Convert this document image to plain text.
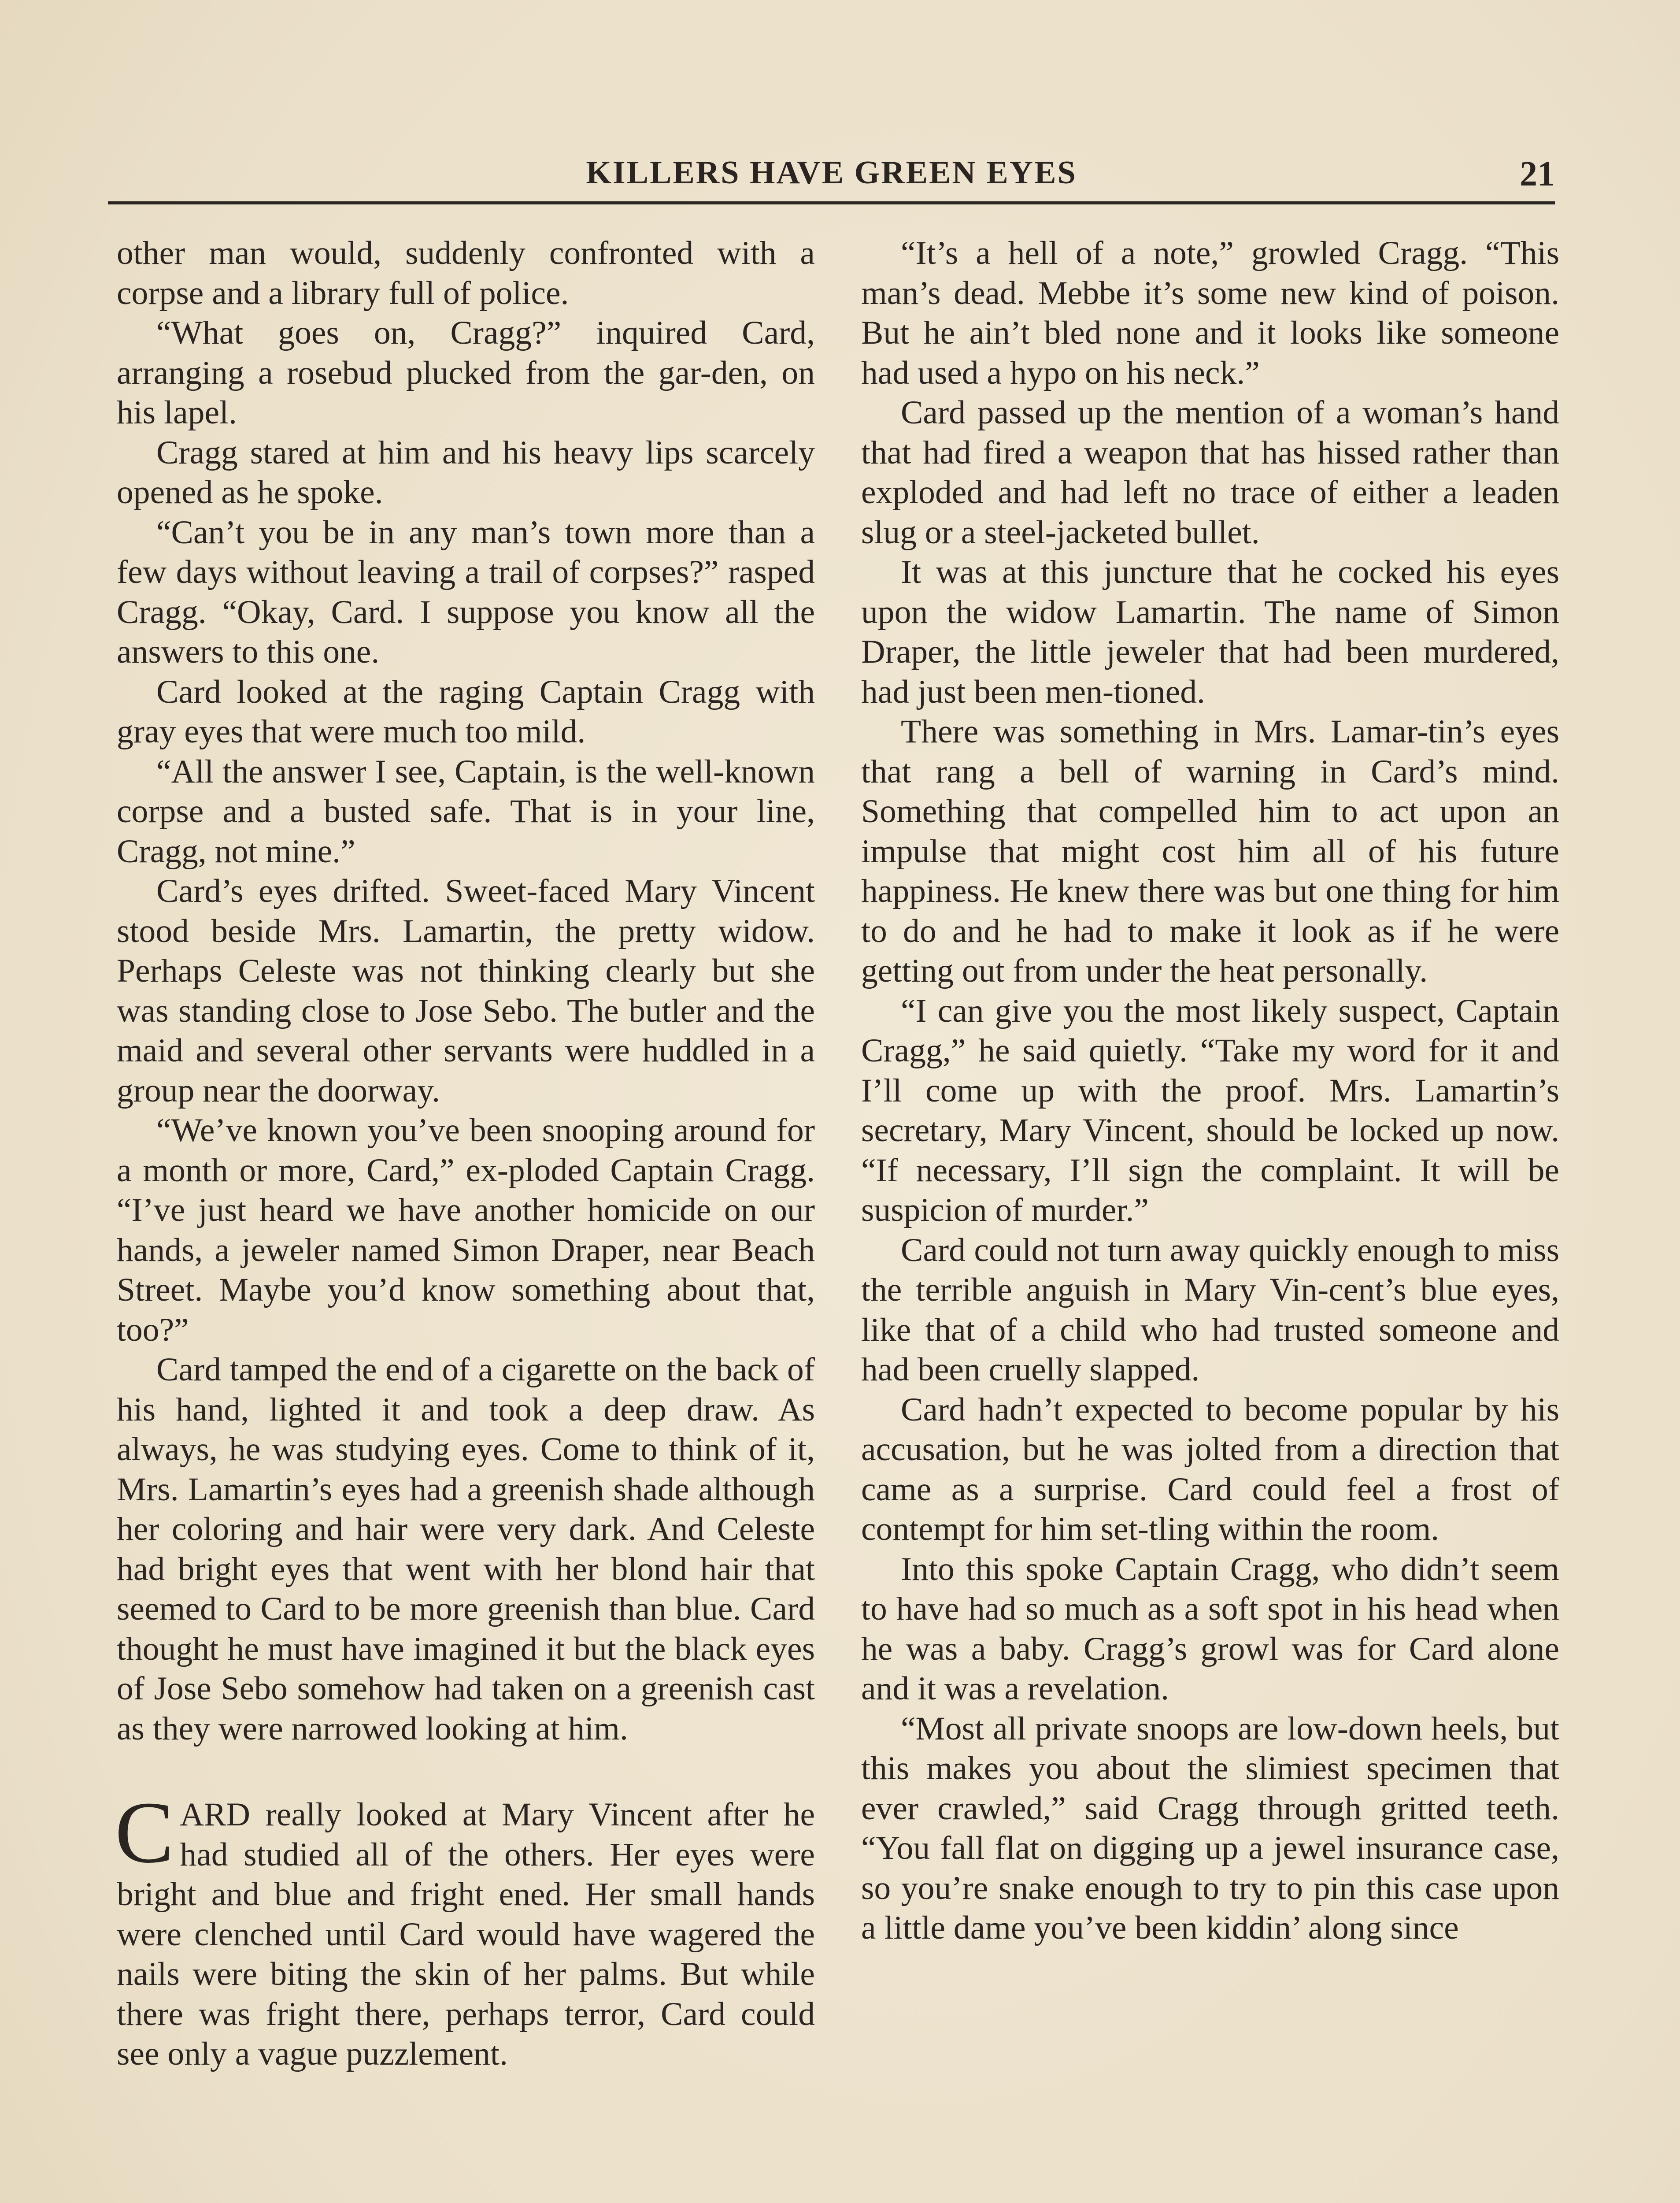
KILLERS HAVE GREEN EYES	21

other man would, suddenly confronted with a corpse and a library full of police.

“What goes on, Cragg?” inquired Card, arranging a rosebud plucked from the gar-den, on his lapel.

Cragg stared at him and his heavy lips scarcely opened as he spoke.

“Can’t you be in any man’s town more than a few days without leaving a trail of corpses?” rasped Cragg. “Okay, Card. I suppose you know all the answers to this one.

Card looked at the raging Captain Cragg with gray eyes that were much too mild.

“All the answer I see, Captain, is the well-known corpse and a busted safe. That is in your line, Cragg, not mine.”

Card’s eyes drifted. Sweet-faced Mary Vincent stood beside Mrs. Lamartin, the pretty widow. Perhaps Celeste was not thinking clearly but she was standing close to Jose Sebo. The butler and the maid and several other servants were huddled in a group near the doorway.

“We’ve known you’ve been snooping around for a month or more, Card,” ex-ploded Captain Cragg. “I’ve just heard we have another homicide on our hands, a jeweler named Simon Draper, near Beach Street. Maybe you’d know something about that, too?”

Card tamped the end of a cigarette on the back of his hand, lighted it and took a deep draw. As always, he was studying eyes. Come to think of it, Mrs. Lamartin’s eyes had a greenish shade although her coloring and hair were very dark. And Celeste had bright eyes that went with her blond hair that seemed to Card to be more greenish than blue. Card thought he must have imagined it but the black eyes of Jose Sebo somehow had taken on a greenish cast as they were narrowed looking at him.

CARD really looked at Mary Vincent after he had studied all of the others. Her eyes were bright and blue and fright ened. Her small hands were clenched until Card would have wagered the nails were biting the skin of her palms. But while there was fright there, perhaps terror, Card could see only a vague puzzlement.

“It’s a hell of a note,” growled Cragg. “This man’s dead. Mebbe it’s some new kind of poison. But he ain’t bled none and it looks like someone had used a hypo on his neck.”

Card passed up the mention of a woman’s hand that had fired a weapon that has hissed rather than exploded and had left no trace of either a leaden slug or a steel-jacketed bullet.

It was at this juncture that he cocked his eyes upon the widow Lamartin. The name of Simon Draper, the little jeweler that had been murdered, had just been men-tioned.

There was something in Mrs. Lamar-tin’s eyes that rang a bell of warning in Card’s mind. Something that compelled him to act upon an impulse that might cost him all of his future happiness. He knew there was but one thing for him to do and he had to make it look as if he were getting out from under the heat personally.

“I can give you the most likely suspect, Captain Cragg,” he said quietly. “Take my word for it and I’ll come up with the proof. Mrs. Lamartin’s secretary, Mary Vincent, should be locked up now. “If necessary, I’ll sign the complaint. It will be suspicion of murder.”

Card could not turn away quickly enough to miss the terrible anguish in Mary Vin-cent’s blue eyes, like that of a child who had trusted someone and had been cruelly slapped.

Card hadn’t expected to become popular by his accusation, but he was jolted from a direction that came as a surprise. Card could feel a frost of contempt for him set-tling within the room.

Into this spoke Captain Cragg, who didn’t seem to have had so much as a soft spot in his head when he was a baby. Cragg’s growl was for Card alone and it was a revelation.

“Most all private snoops are low-down heels, but this makes you about the slimiest specimen that ever crawled,” said Cragg through gritted teeth. “You fall flat on digging up a jewel insurance case, so you’re snake enough to try to pin this case upon a little dame you’ve been kiddin’ along since
